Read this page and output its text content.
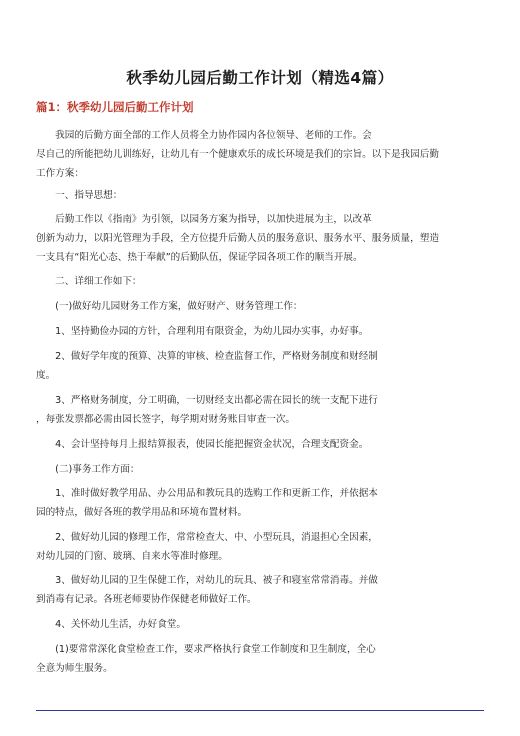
秋季幼儿园后勤工作计划（精选4篇）
篇1：秋季幼儿园后勤工作计划
　　我园的后勤方面全部的工作人员将全力协作园内各位领导、老师的工作。会
尽自己的所能把幼儿训练好，让幼儿有一个健康欢乐的成长环境是我们的宗旨。以下是我园后勤
工作方案：
　　一、指导思想：
　　后勤工作以《指南》为引领，以园务方案为指导，以加快进展为主，以改革
创新为动力，以阳光管理为手段，全方位提升后勤人员的服务意识、服务水平、服务质量，塑造
一支具有“阳光心态、热于奉献”的后勤队伍，保证学园各项工作的顺当开展。
　　二、详细工作如下：
　　(一)做好幼儿园财务工作方案，做好财产、财务管理工作：
　　1、坚持勤俭办园的方针，合理利用有限资金，为幼儿园办实事，办好事。
　　2、做好学年度的预算、决算的审核、检查监督工作，严格财务制度和财经制
度。
　　3、严格财务制度，分工明确，一切财经支出都必需在园长的统一支配下进行
，每张发票都必需由园长签字，每学期对财务账目审查一次。
　　4、会计坚持每月上报结算报表，使园长能把握资金状况，合理支配资金。
　　(二)事务工作方面：
　　1、准时做好教学用品、办公用品和教玩具的选购工作和更新工作，并依据本
园的特点，做好各班的教学用品和环境布置材料。
　　2、做好幼儿园的修理工作，常常检查大、中、小型玩具，消退担心全因素，
对幼儿园的门窗、玻璃、自来水等准时修理。
　　3、做好幼儿园的卫生保健工作，对幼儿的玩具、被子和寝室常常消毒。并做
到消毒有记录。各班老师要协作保健老师做好工作。
　　4、关怀幼儿生活，办好食堂。
　　(1)要常常深化食堂检查工作，要求严格执行食堂工作制度和卫生制度，全心
全意为师生服务。
